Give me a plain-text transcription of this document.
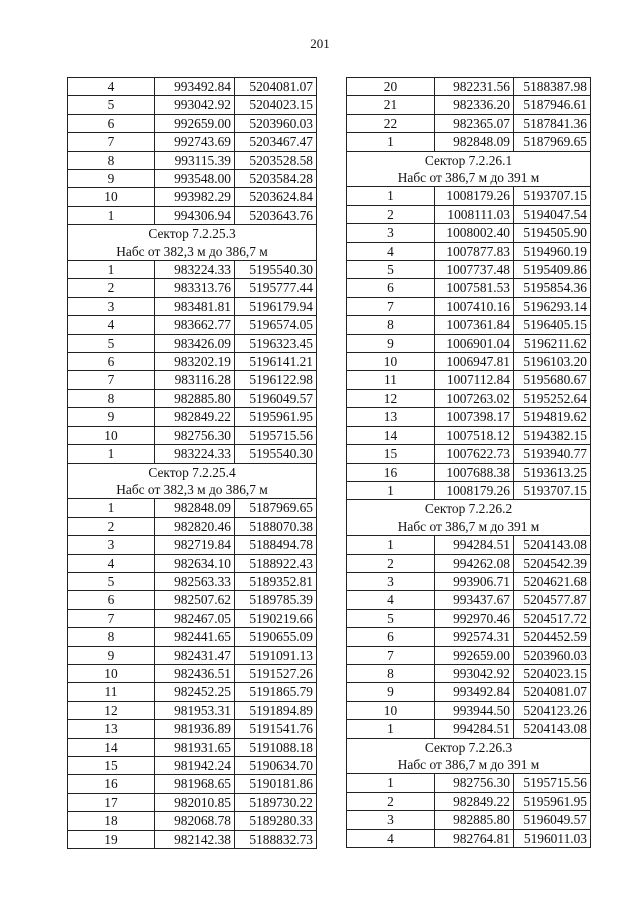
201
4	993492.84	5204081.07
5	993042.92	5204023.15
6	992659.00	5203960.03
7	992743.69	5203467.47
8	993115.39	5203528.58
9	993548.00	5203584.28
10	993982.29	5203624.84
1	994306.94	5203643.76

Сектор 7.2.25.3
Набс от 382,3 м до 386,7 м		

1	983224.33	5195540.30
2	983313.76	5195777.44
3	983481.81	5196179.94
4	983662.77	5196574.05
5	983426.09	5196323.45
6	983202.19	5196141.21
7	983116.28	5196122.98
8	982885.80	5196049.57
9	982849.22	5195961.95
10	982756.30	5195715.56
1	983224.33	5195540.30

Сектор 7.2.25.4
Набс от 382,3 м до 386,7 м		

1	982848.09	5187969.65
2	982820.46	5188070.38
3	982719.84	5188494.78
4	982634.10	5188922.43
5	982563.33	5189352.81
6	982507.62	5189785.39
7	982467.05	5190219.66
8	982441.65	5190655.09
9	982431.47	5191091.13
10	982436.51	5191527.26
11	982452.25	5191865.79
12	981953.31	5191894.89
13	981936.89	5191541.76
14	981931.65	5191088.18
15	981942.24	5190634.70
16	981968.65	5190181.86
17	982010.85	5189730.22
18	982068.78	5189280.33
19	982142.38	5188832.73
20	982231.56	5188387.98
21	982336.20	5187946.61
22	982365.07	5187841.36
1	982848.09	5187969.65

Сектор 7.2.26.1
Набс от 386,7 м до 391 м		

1	1008179.26	5193707.15
2	1008111.03	5194047.54
3	1008002.40	5194505.90
4	1007877.83	5194960.19
5	1007737.48	5195409.86
6	1007581.53	5195854.36
7	1007410.16	5196293.14
8	1007361.84	5196405.15
9	1006901.04	5196211.62
10	1006947.81	5196103.20
11	1007112.84	5195680.67
12	1007263.02	5195252.64
13	1007398.17	5194819.62
14	1007518.12	5194382.15
15	1007622.73	5193940.77
16	1007688.38	5193613.25
1	1008179.26	5193707.15

Сектор 7.2.26.2
Набс от 386,7 м до 391 м		

1	994284.51	5204143.08
2	994262.08	5204542.39
3	993906.71	5204621.68
4	993437.67	5204577.87
5	992970.46	5204517.72
6	992574.31	5204452.59
7	992659.00	5203960.03
8	993042.92	5204023.15
9	993492.84	5204081.07
10	993944.50	5204123.26
1	994284.51	5204143.08

Сектор 7.2.26.3
Набс от 386,7 м до 391 м		

1	982756.30	5195715.56
2	982849.22	5195961.95
3	982885.80	5196049.57
4	982764.81	5196011.03
